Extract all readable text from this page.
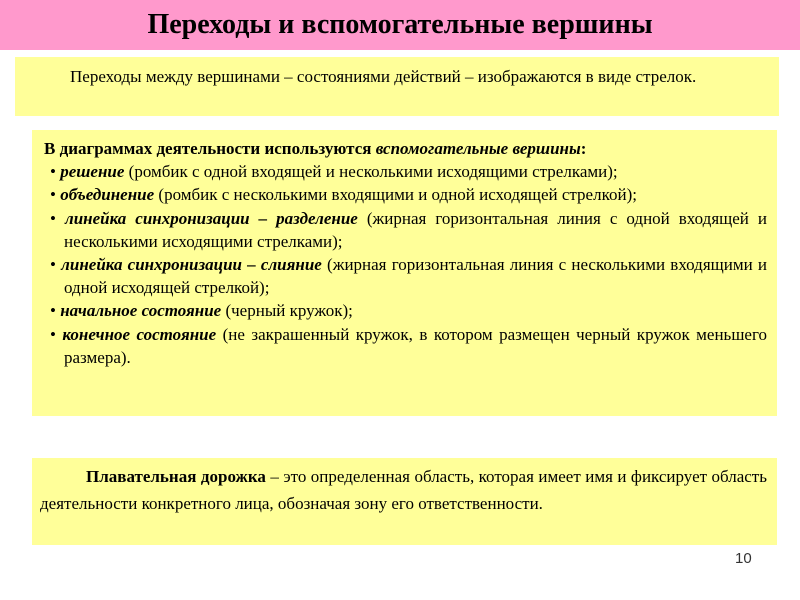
Переходы и вспомогательные вершины
Переходы между вершинами – состояниями действий – изображаются в виде стрелок.
В диаграммах деятельности используются вспомогательные вершины:
• решение (ромбик с одной входящей и несколькими исходящими стрелками);
• объединение (ромбик с несколькими входящими и одной исходящей стрелкой);
• линейка синхронизации – разделение (жирная горизонтальная линия с одной входящей и несколькими исходящими стрелками);
• линейка синхронизации – слияние (жирная горизонтальная линия с несколькими входящими и одной исходящей стрелкой);
• начальное состояние (черный кружок);
• конечное состояние (не закрашенный кружок, в котором размещен черный кружок меньшего размера).
Плавательная дорожка – это определенная область, которая имеет имя и фиксирует область деятельности конкретного лица, обозначая зону его ответственности.
10
